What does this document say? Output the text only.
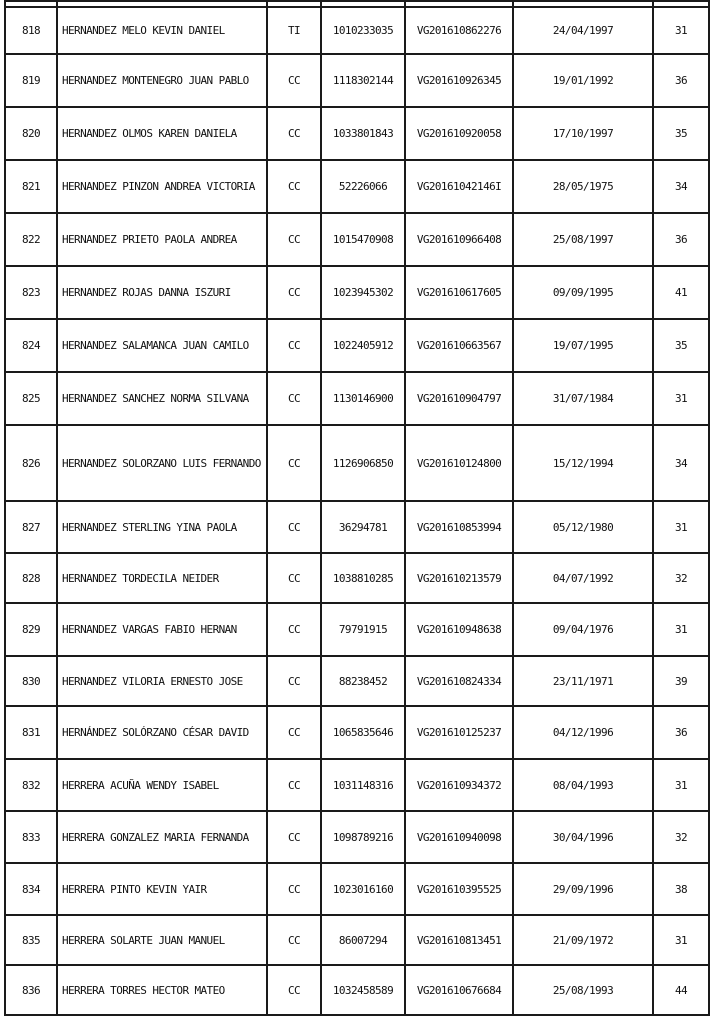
818	HERNANDEZ MELO KEVIN DANIEL	TI	1010233035	VG201610862276	24/04/1997	31
819	HERNANDEZ MONTENEGRO JUAN PABLO	CC	1118302144	VG201610926345	19/01/1992	36
820	HERNANDEZ OLMOS KAREN DANIELA	CC	1033801843	VG201610920058	17/10/1997	35
821	HERNANDEZ PINZON ANDREA VICTORIA	CC	52226066	VG20161042146I	28/05/1975	34
822	HERNANDEZ PRIETO PAOLA ANDREA	CC	1015470908	VG201610966408	25/08/1997	36
823	HERNANDEZ ROJAS DANNA ISZURI	CC	1023945302	VG201610617605	09/09/1995	41
824	HERNANDEZ SALAMANCA JUAN CAMILO	CC	1022405912	VG201610663567	19/07/1995	35
825	HERNANDEZ SANCHEZ NORMA SILVANA	CC	1130146900	VG201610904797	31/07/1984	31
826	HERNANDEZ SOLORZANO LUIS FERNANDO	CC	1126906850	VG201610124800	15/12/1994	34
827	HERNANDEZ STERLING YINA PAOLA	CC	36294781	VG201610853994	05/12/1980	31
828	HERNANDEZ TORDECILA NEIDER	CC	1038810285	VG201610213579	04/07/1992	32
829	HERNANDEZ VARGAS FABIO HERNAN	CC	79791915	VG201610948638	09/04/1976	31
830	HERNANDEZ VILORIA ERNESTO JOSE	CC	88238452	VG201610824334	23/11/1971	39
831	HERNÁNDEZ SOLÓRZANO CÉSAR DAVID	CC	1065835646	VG201610125237	04/12/1996	36
832	HERRERA ACUÑA WENDY ISABEL	CC	1031148316	VG201610934372	08/04/1993	31
833	HERRERA GONZALEZ MARIA FERNANDA	CC	1098789216	VG201610940098	30/04/1996	32
834	HERRERA PINTO KEVIN YAIR	CC	1023016160	VG201610395525	29/09/1996	38
835	HERRERA SOLARTE JUAN MANUEL	CC	86007294	VG201610813451	21/09/1972	31
836	HERRERA TORRES HECTOR MATEO	CC	1032458589	VG201610676684	25/08/1993	44
